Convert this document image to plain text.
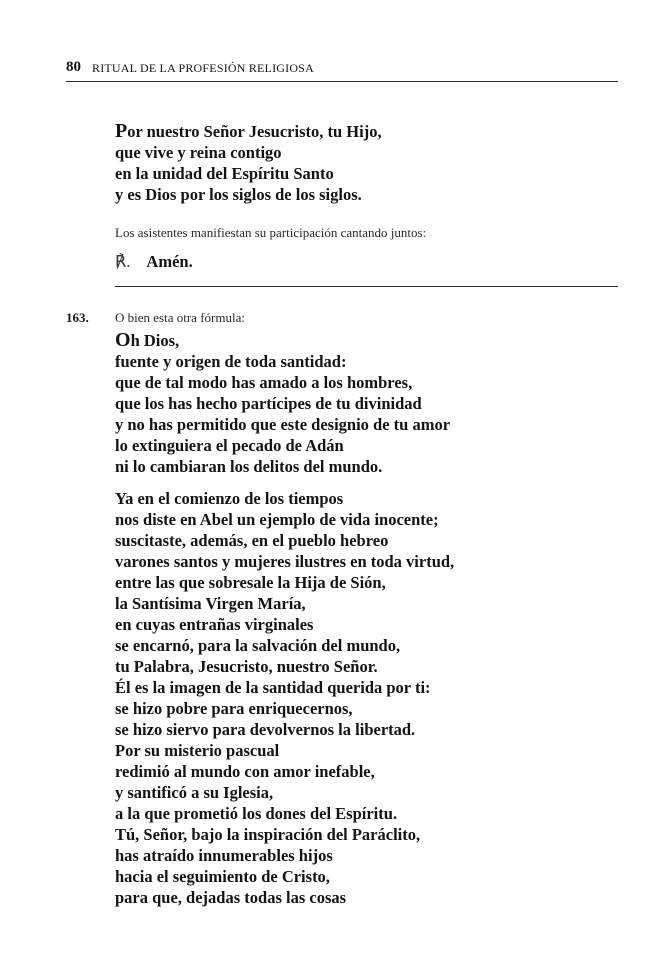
80 RITUAL DE LA PROFESIÓN RELIGIOSA
Por nuestro Señor Jesucristo, tu Hijo,
que vive y reina contigo
en la unidad del Espíritu Santo
y es Dios por los siglos de los siglos.
Los asistentes manifiestan su participación cantando juntos:
℟. Amén.
163. O bien esta otra fórmula:
Oh Dios,
fuente y origen de toda santidad:
que de tal modo has amado a los hombres,
que los has hecho partícipes de tu divinidad
y no has permitido que este designio de tu amor
lo extinguiera el pecado de Adán
ni lo cambiaran los delitos del mundo.
Ya en el comienzo de los tiempos
nos diste en Abel un ejemplo de vida inocente;
suscitaste, además, en el pueblo hebreo
varones santos y mujeres ilustres en toda virtud,
entre las que sobresale la Hija de Sión,
la Santísima Virgen María,
en cuyas entrañas virginales
se encarnó, para la salvación del mundo,
tu Palabra, Jesucristo, nuestro Señor.
Él es la imagen de la santidad querida por ti:
se hizo pobre para enriquecernos,
se hizo siervo para devolvernos la libertad.
Por su misterio pascual
redimió al mundo con amor inefable,
y santificó a su Iglesia,
a la que prometió los dones del Espíritu.
Tú, Señor, bajo la inspiración del Paráclito,
has atraído innumerables hijos
hacia el seguimiento de Cristo,
para que, dejadas todas las cosas
